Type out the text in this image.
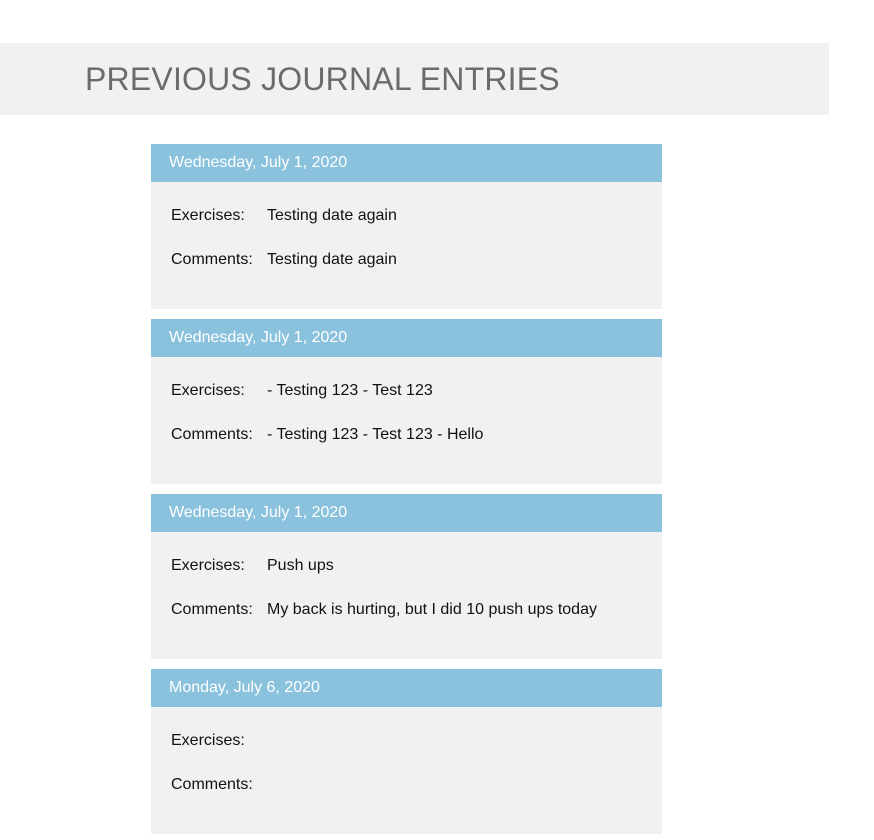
PREVIOUS JOURNAL ENTRIES
Wednesday, July 1, 2020
Exercises: Testing date again
Comments: Testing date again
Wednesday, July 1, 2020
Exercises: - Testing 123 - Test 123
Comments: - Testing 123 - Test 123 - Hello
Wednesday, July 1, 2020
Exercises: Push ups
Comments: My back is hurting, but I did 10 push ups today
Monday, July 6, 2020
Exercises:
Comments:
